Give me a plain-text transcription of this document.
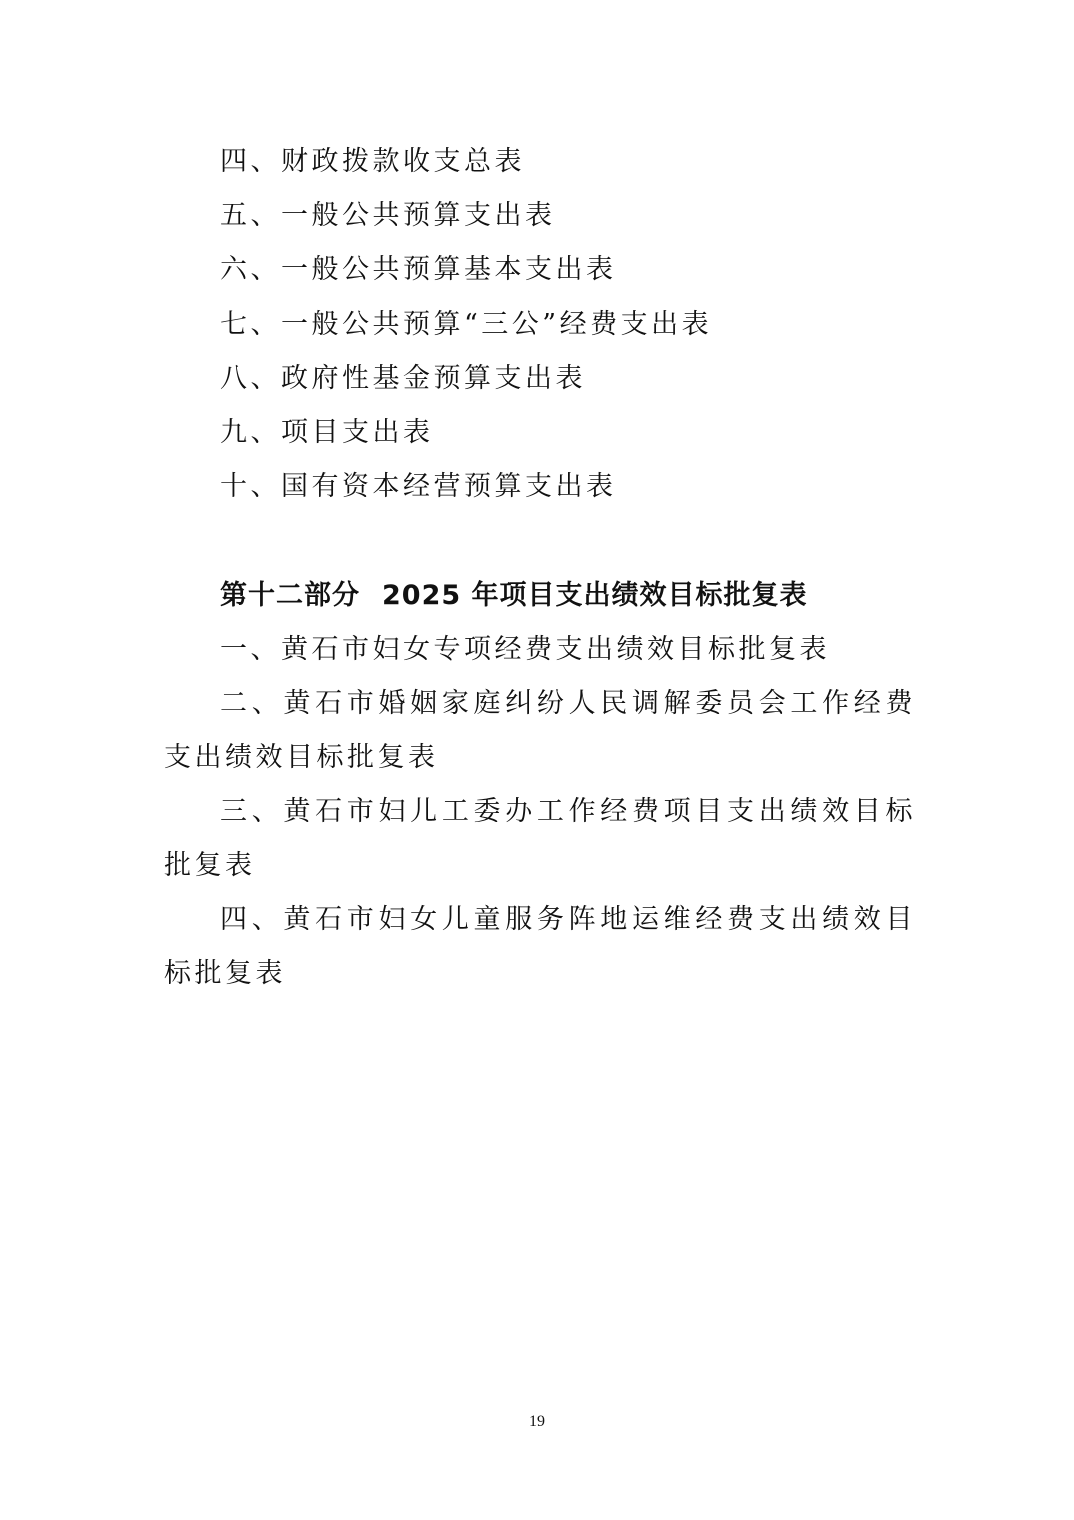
四、财政拨款收支总表
五、一般公共预算支出表
六、一般公共预算基本支出表
七、一般公共预算“三公”经费支出表
八、政府性基金预算支出表
九、项目支出表
十、国有资本经营预算支出表
第十二部分 2025 年项目支出绩效目标批复表
一、黄石市妇女专项经费支出绩效目标批复表
二、黄石市婚姻家庭纠纷人民调解委员会工作经费支出绩效目标批复表
三、黄石市妇儿工委办工作经费项目支出绩效目标批复表
四、黄石市妇女儿童服务阵地运维经费支出绩效目标批复表
19
